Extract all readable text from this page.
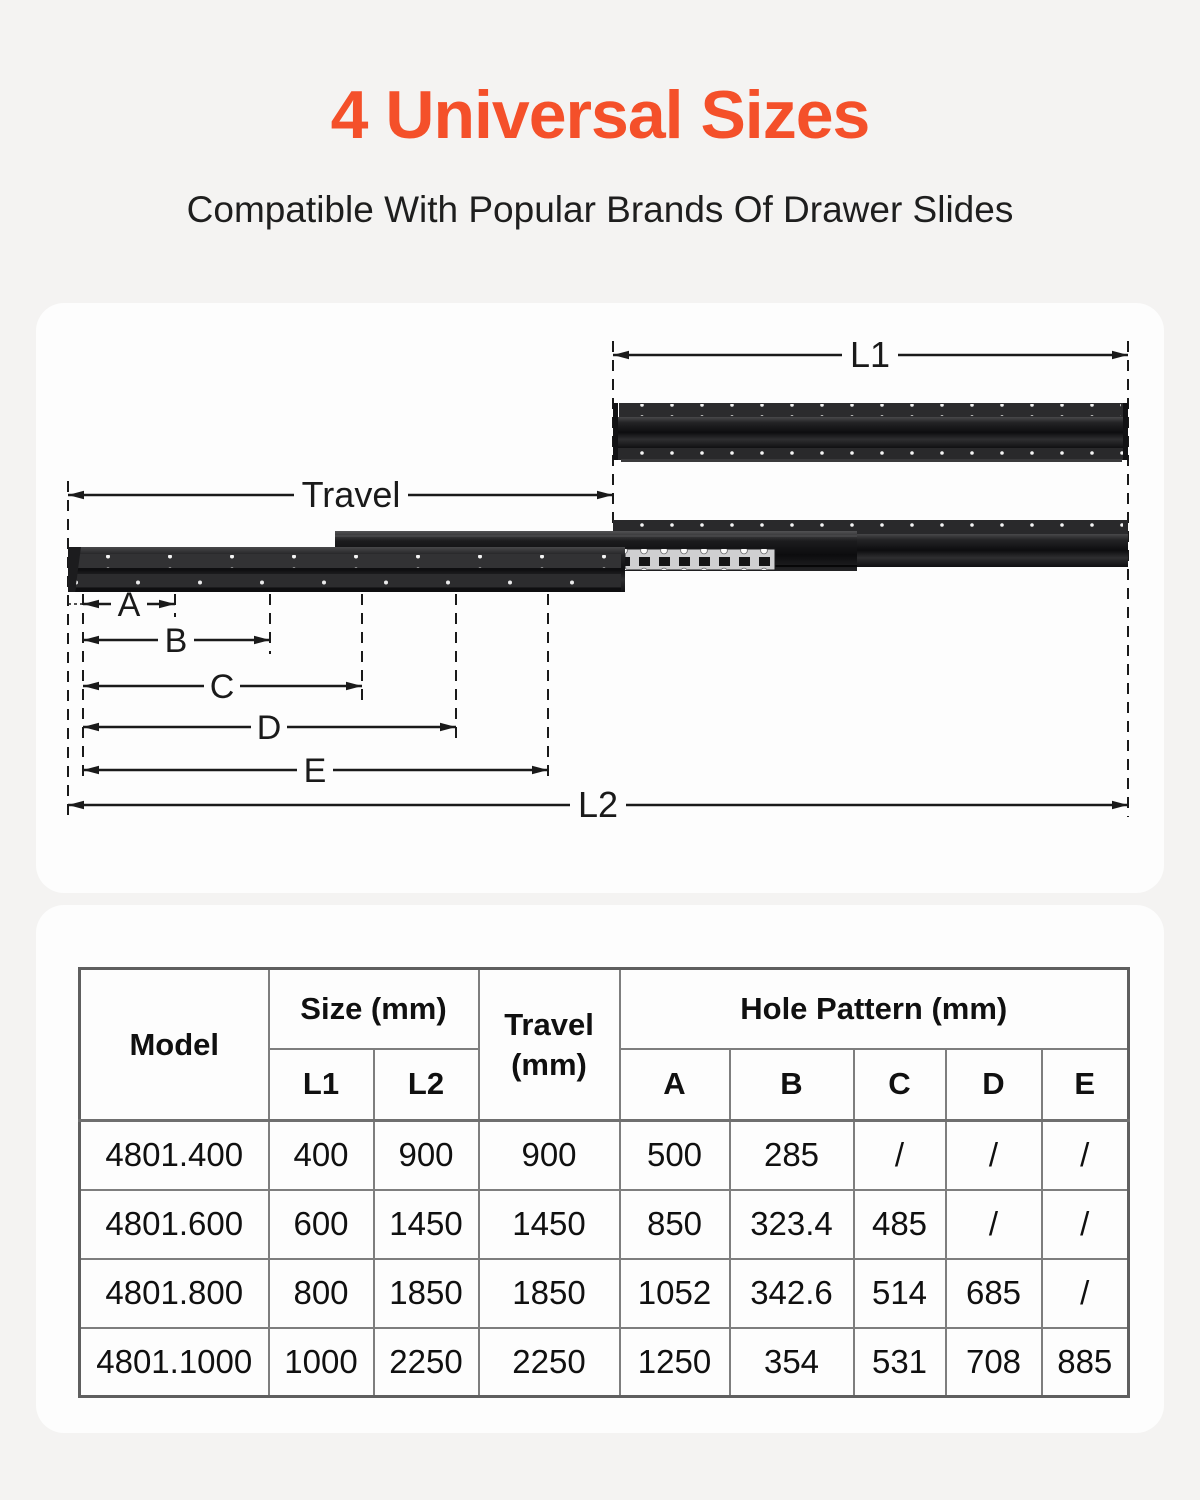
4 Universal Sizes
Compatible With Popular Brands Of Drawer Slides
L1
Travel
A
B
C
D
E
L2
Model	Size (mm)		Travel
(mm)	Hole Pattern (mm)				
	L1	L2		A	B	C	D	E
4801.400	400	900	900	500	285	/	/	/
4801.600	600	1450	1450	850	323.4	485	/	/
4801.800	800	1850	1850	1052	342.6	514	685	/
4801.1000	1000	2250	2250	1250	354	531	708	885
